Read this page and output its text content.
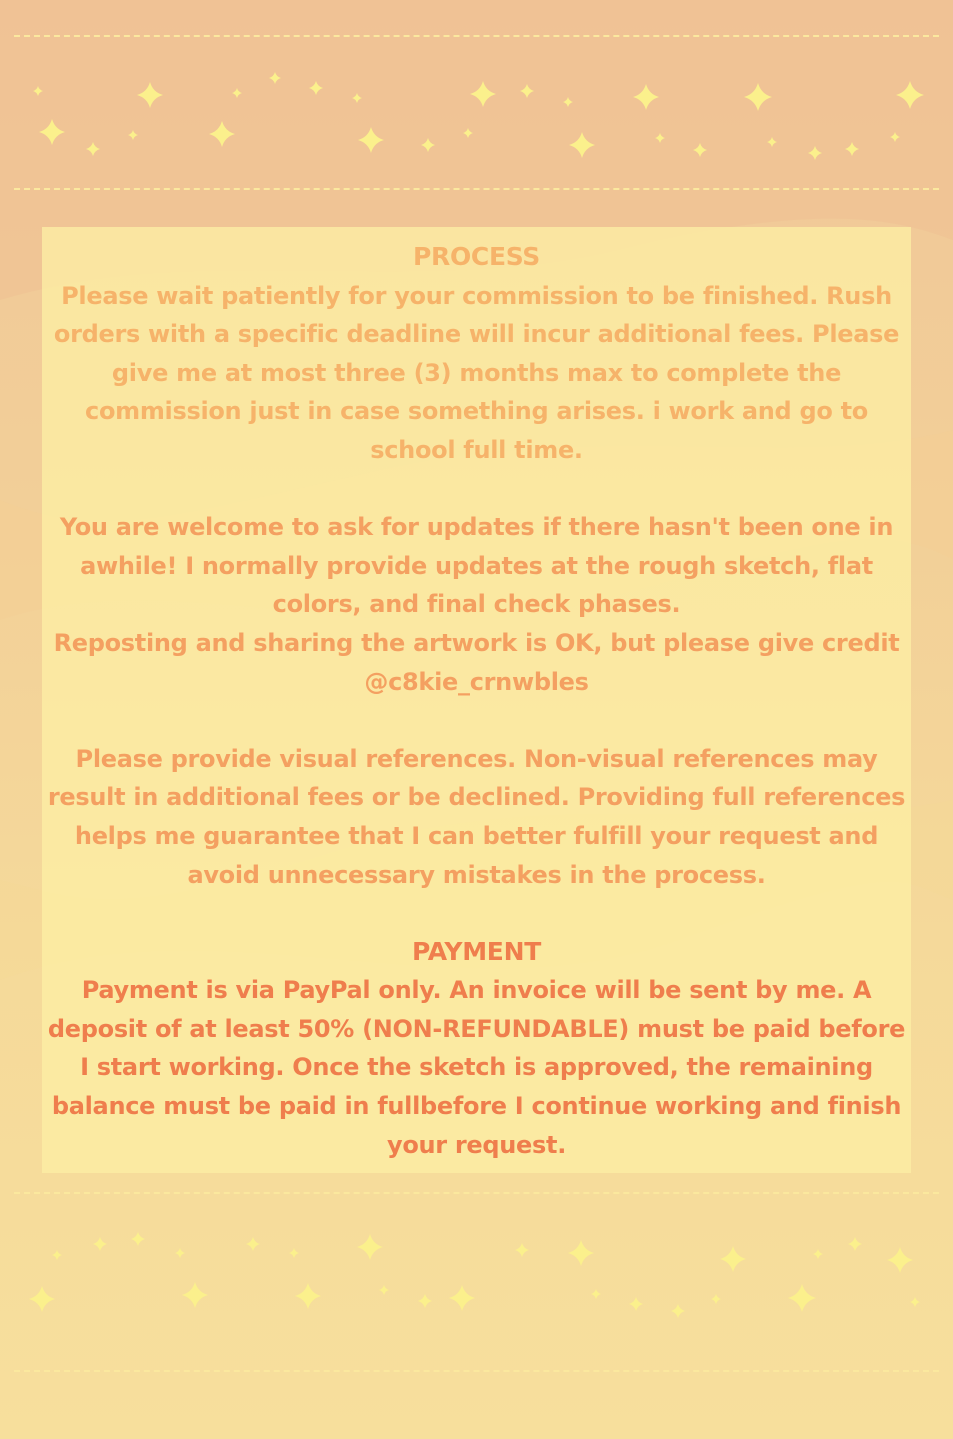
PROCESS

Please wait patiently for your commission to be finished. Rush

orders with a specific deadline will incur additional fees. Please

give me at most three (3) months max to complete the

commission just in case something arises. i work and go to

school full time.

You are welcome to ask for updates if there hasn't been one in

awhile! I normally provide updates at the rough sketch, flat

colors, and final check phases.

Reposting and sharing the artwork is OK, but please give credit

@c8kie_crnwbles

Please provide visual references. Non-visual references may

result in additional fees or be declined. Providing full references

helps me guarantee that I can better fulfill your request and

avoid unnecessary mistakes in the process.

PAYMENT

Payment is via PayPal only. An invoice will be sent by me. A

deposit of at least 50% (NON-REFUNDABLE) must be paid before

I start working. Once the sketch is approved, the remaining

balance must be paid in fullbefore I continue working and finish

your request.
